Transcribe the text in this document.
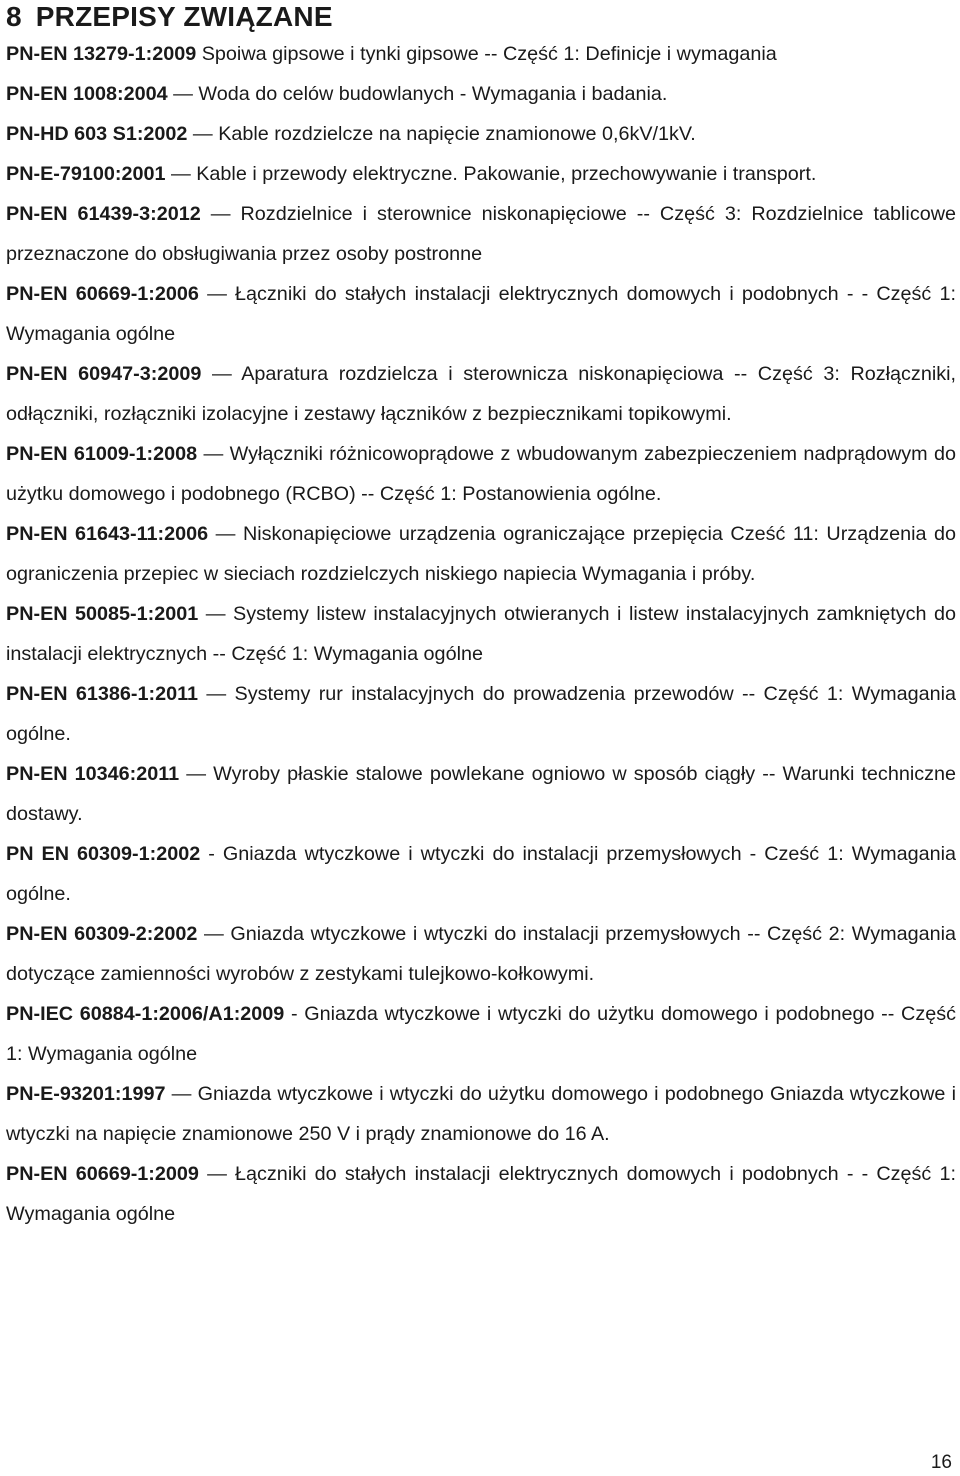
8 PRZEPISY ZWIĄZANE

PN-EN 13279-1:2009 Spoiwa gipsowe i tynki gipsowe -- Część 1: Definicje i wymagania

PN-EN 1008:2004 — Woda do celów budowlanych - Wymagania i badania.

PN-HD 603 S1:2002 — Kable rozdzielcze na napięcie znamionowe 0,6kV/1kV.

PN-E-79100:2001 — Kable i przewody elektryczne. Pakowanie, przechowywanie i transport.

PN-EN 61439-3:2012 — Rozdzielnice i sterownice niskonapięciowe -- Część 3: Rozdzielnice tablicowe przeznaczone do obsługiwania przez osoby postronne

PN-EN 60669-1:2006 — Łączniki do stałych instalacji elektrycznych domowych i podobnych - - Część 1: Wymagania ogólne

PN-EN 60947-3:2009 — Aparatura rozdzielcza i sterownicza niskonapięciowa -- Część 3: Rozłączniki, odłączniki, rozłączniki izolacyjne i zestawy łączników z bezpiecznikami topikowymi.

PN-EN 61009-1:2008 — Wyłączniki różnicowoprądowe z wbudowanym zabezpieczeniem nadprądowym do użytku domowego i podobnego (RCBO) -- Część 1: Postanowienia ogólne.

PN-EN 61643-11:2006 — Niskonapięciowe urządzenia ograniczające przepięcia Cześć 11: Urządzenia do ograniczenia przepiec w sieciach rozdzielczych niskiego napiecia Wymagania i próby.

PN-EN 50085-1:2001 — Systemy listew instalacyjnych otwieranych i listew instalacyjnych zamkniętych do instalacji elektrycznych -- Część 1: Wymagania ogólne

PN-EN 61386-1:2011 — Systemy rur instalacyjnych do prowadzenia przewodów -- Część 1: Wymagania ogólne.

PN-EN 10346:2011 — Wyroby płaskie stalowe powlekane ogniowo w sposób ciągły -- Warunki techniczne dostawy.

PN EN 60309-1:2002 - Gniazda wtyczkowe i wtyczki do instalacji przemysłowych - Cześć 1: Wymagania ogólne.

PN-EN 60309-2:2002 — Gniazda wtyczkowe i wtyczki do instalacji przemysłowych -- Część 2: Wymagania dotyczące zamienności wyrobów z zestykami tulejkowo-kołkowymi.

PN-IEC 60884-1:2006/A1:2009 - Gniazda wtyczkowe i wtyczki do użytku domowego i podobnego -- Część 1: Wymagania ogólne

PN-E-93201:1997 — Gniazda wtyczkowe i wtyczki do użytku domowego i podobnego Gniazda wtyczkowe i wtyczki na napięcie znamionowe 250 V i prądy znamionowe do 16 A.

PN-EN 60669-1:2009 — Łączniki do stałych instalacji elektrycznych domowych i podobnych - - Część 1: Wymagania ogólne

16
